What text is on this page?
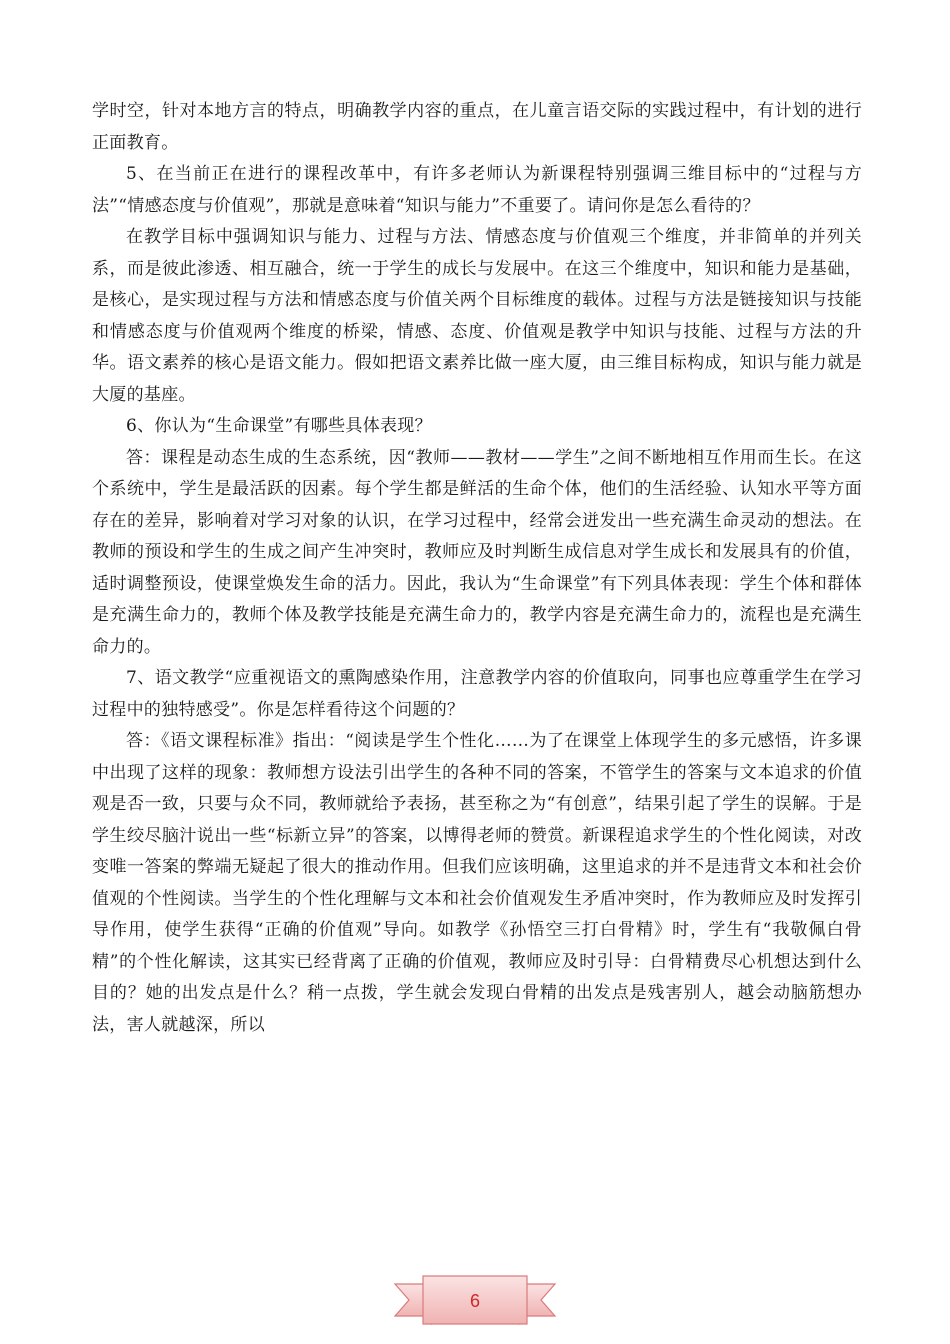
学时空，针对本地方言的特点，明确教学内容的重点，在儿童言语交际的实践过程中，有计划的进行正面教育。

5、在当前正在进行的课程改革中，有许多老师认为新课程特别强调三维目标中的“过程与方法”“情感态度与价值观”，那就是意味着“知识与能力”不重要了。请问你是怎么看待的？

在教学目标中强调知识与能力、过程与方法、情感态度与价值观三个维度，并非简单的并列关系，而是彼此渗透、相互融合，统一于学生的成长与发展中。在这三个维度中，知识和能力是基础，是核心，是实现过程与方法和情感态度与价值关两个目标维度的载体。过程与方法是链接知识与技能和情感态度与价值观两个维度的桥梁，情感、态度、价值观是教学中知识与技能、过程与方法的升华。语文素养的核心是语文能力。假如把语文素养比做一座大厦，由三维目标构成，知识与能力就是大厦的基座。

6、你认为“生命课堂”有哪些具体表现？

答：课程是动态生成的生态系统，因“教师——教材——学生”之间不断地相互作用而生长。在这个系统中，学生是最活跃的因素。每个学生都是鲜活的生命个体，他们的生活经验、认知水平等方面存在的差异，影响着对学习对象的认识，在学习过程中，经常会迸发出一些充满生命灵动的想法。在教师的预设和学生的生成之间产生冲突时，教师应及时判断生成信息对学生成长和发展具有的价值，适时调整预设，使课堂焕发生命的活力。因此，我认为“生命课堂”有下列具体表现：学生个体和群体是充满生命力的，教师个体及教学技能是充满生命力的，教学内容是充满生命力的，流程也是充满生命力的。

7、语文教学“应重视语文的熏陶感染作用，注意教学内容的价值取向，同事也应尊重学生在学习过程中的独特感受”。你是怎样看待这个问题的？

答：《语文课程标准》指出：“阅读是学生个性化……为了在课堂上体现学生的多元感悟，许多课中出现了这样的现象：教师想方设法引出学生的各种不同的答案，不管学生的答案与文本追求的价值观是否一致，只要与众不同，教师就给予表扬，甚至称之为“有创意”，结果引起了学生的误解。于是学生绞尽脑汁说出一些“标新立异”的答案，以博得老师的赞赏。新课程追求学生的个性化阅读，对改变唯一答案的弊端无疑起了很大的推动作用。但我们应该明确，这里追求的并不是违背文本和社会价值观的个性阅读。当学生的个性化理解与文本和社会价值观发生矛盾冲突时，作为教师应及时发挥引导作用，使学生获得“正确的价值观”导向。如教学《孙悟空三打白骨精》时，学生有“我敬佩白骨精”的个性化解读，这其实已经背离了正确的价值观，教师应及时引导：白骨精费尽心机想达到什么目的？她的出发点是什么？稍一点拨，学生就会发现白骨精的出发点是残害别人，越会动脑筋想办法，害人就越深，所以

6
